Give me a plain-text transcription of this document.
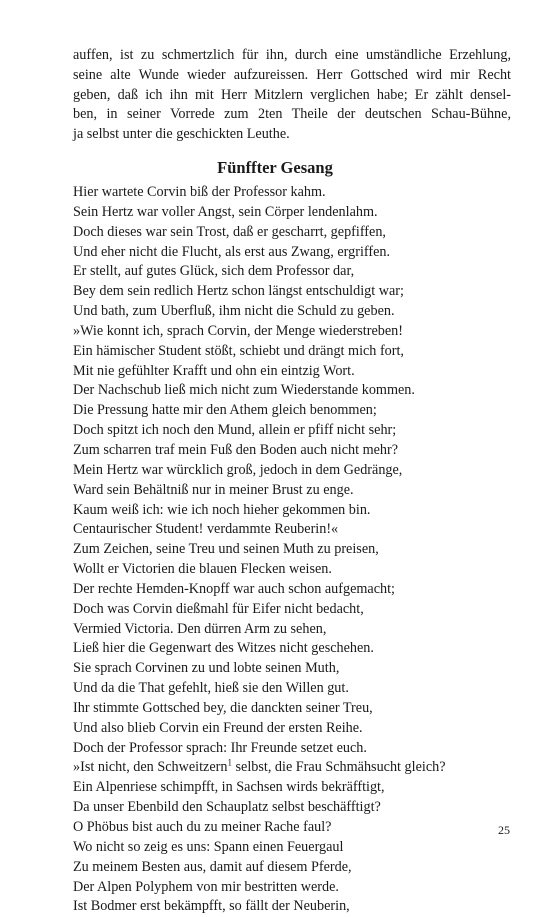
auffen, ist zu schmertzlich für ihn, durch eine umständliche Erzehlung,
seine alte Wunde wieder aufzureissen. Herr Gottsched wird mir Recht
geben, daß ich ihn mit Herr Mitzlern verglichen habe; Er zählt densel-
ben, in seiner Vorrede zum 2ten Theile der deutschen Schau-Bühne,
ja selbst unter die geschickten Leuthe.
Fünffter Gesang
Hier wartete Corvin biß der Professor kahm.
Sein Hertz war voller Angst, sein Cörper lendenlahm.
Doch dieses war sein Trost, daß er gescharrt, gepfiffen,
Und eher nicht die Flucht, als erst aus Zwang, ergriffen.
Er stellt, auf gutes Glück, sich dem Professor dar,
Bey dem sein redlich Hertz schon längst entschuldigt war;
Und bath, zum Uberfluß, ihm nicht die Schuld zu geben.
»Wie konnt ich, sprach Corvin, der Menge wiederstreben!
Ein hämischer Student stößt, schiebt und drängt mich fort,
Mit nie gefühlter Krafft und ohn ein eintzig Wort.
Der Nachschub ließ mich nicht zum Wiederstande kommen.
Die Pressung hatte mir den Athem gleich benommen;
Doch spitzt ich noch den Mund, allein er pfiff nicht sehr;
Zum scharren traf mein Fuß den Boden auch nicht mehr?
Mein Hertz war würcklich groß, jedoch in dem Gedränge,
Ward sein Behältniß nur in meiner Brust zu enge.
Kaum weiß ich: wie ich noch hieher gekommen bin.
Centaurischer Student! verdammte Reuberin!«
Zum Zeichen, seine Treu und seinen Muth zu preisen,
Wollt er Victorien die blauen Flecken weisen.
Der rechte Hemden-Knopff war auch schon aufgemacht;
Doch was Corvin dießmahl für Eifer nicht bedacht,
Vermied Victoria. Den dürren Arm zu sehen,
Ließ hier die Gegenwart des Witzes nicht geschehen.
Sie sprach Corvinen zu und lobte seinen Muth,
Und da die That gefehlt, hieß sie den Willen gut.
Ihr stimmte Gottsched bey, die danckten seiner Treu,
Und also blieb Corvin ein Freund der ersten Reihe.
Doch der Professor sprach: Ihr Freunde setzet euch.
»Ist nicht, den Schweitzern$^1$ selbst, die Frau Schmähsucht gleich?
Ein Alpenriese schimpfft, in Sachsen wirds bekräfftigt,
Da unser Ebenbild den Schauplatz selbst beschäfftigt?
O Phöbus bist auch du zu meiner Rache faul?
Wo nicht so zeig es uns: Spann einen Feuergaul
Zu meinem Besten aus, damit auf diesem Pferde,
Der Alpen Polyphem von mir bestritten werde.
Ist Bodmer erst bekämpfft, so fällt der Neuberin,
25
